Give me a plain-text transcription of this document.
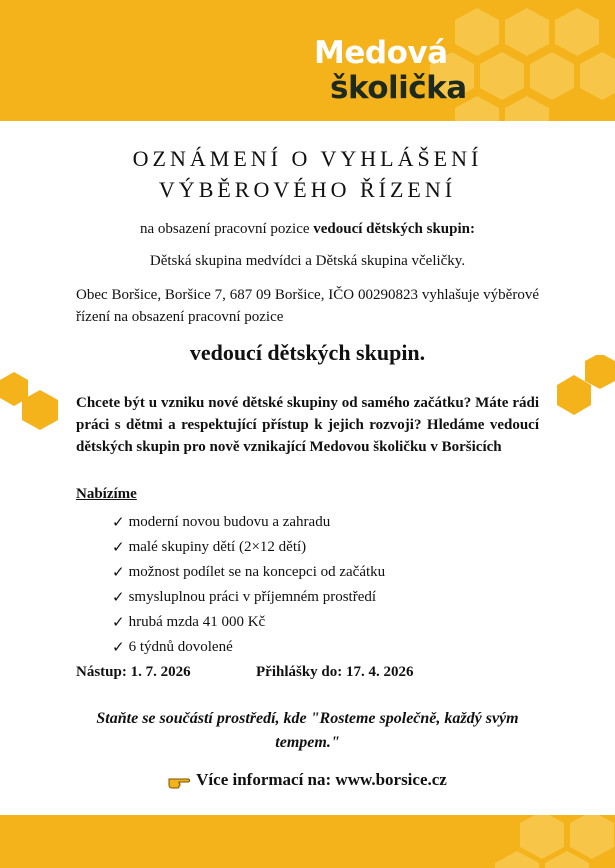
Medová
školička
OZNÁMENÍ O VYHLÁŠENÍ
VÝBĚROVÉHO ŘÍZENÍ
na obsazení pracovní pozice vedoucí dětských skupin:
Dětská skupina medvídci a Dětská skupina včeličky.
Obec Boršice, Boršice 7, 687 09 Boršice, IČO 00290823 vyhlašuje výběrové řízení na obsazení pracovní pozice
vedoucí dětských skupin.
Chcete být u vzniku nové dětské skupiny od samého začátku? Máte rádi práci s dětmi a respektující přístup k jejich rozvoji? Hledáme vedoucí dětských skupin pro nově vznikající Medovou školičku v Boršicích
Nabízíme
✓ moderní novou budovu a zahradu
✓ malé skupiny dětí (2×12 dětí)
✓ možnost podílet se na koncepci od začátku
✓ smysluplnou práci v příjemném prostředí
✓ hrubá mzda 41 000 Kč
✓ 6 týdnů dovolené
Nástup: 1. 7. 2026	Přihlášky do: 17. 4. 2026
Staňte se součástí prostředí, kde "Rosteme společně, každý svým tempem."
Více informací na: www.borsice.cz
